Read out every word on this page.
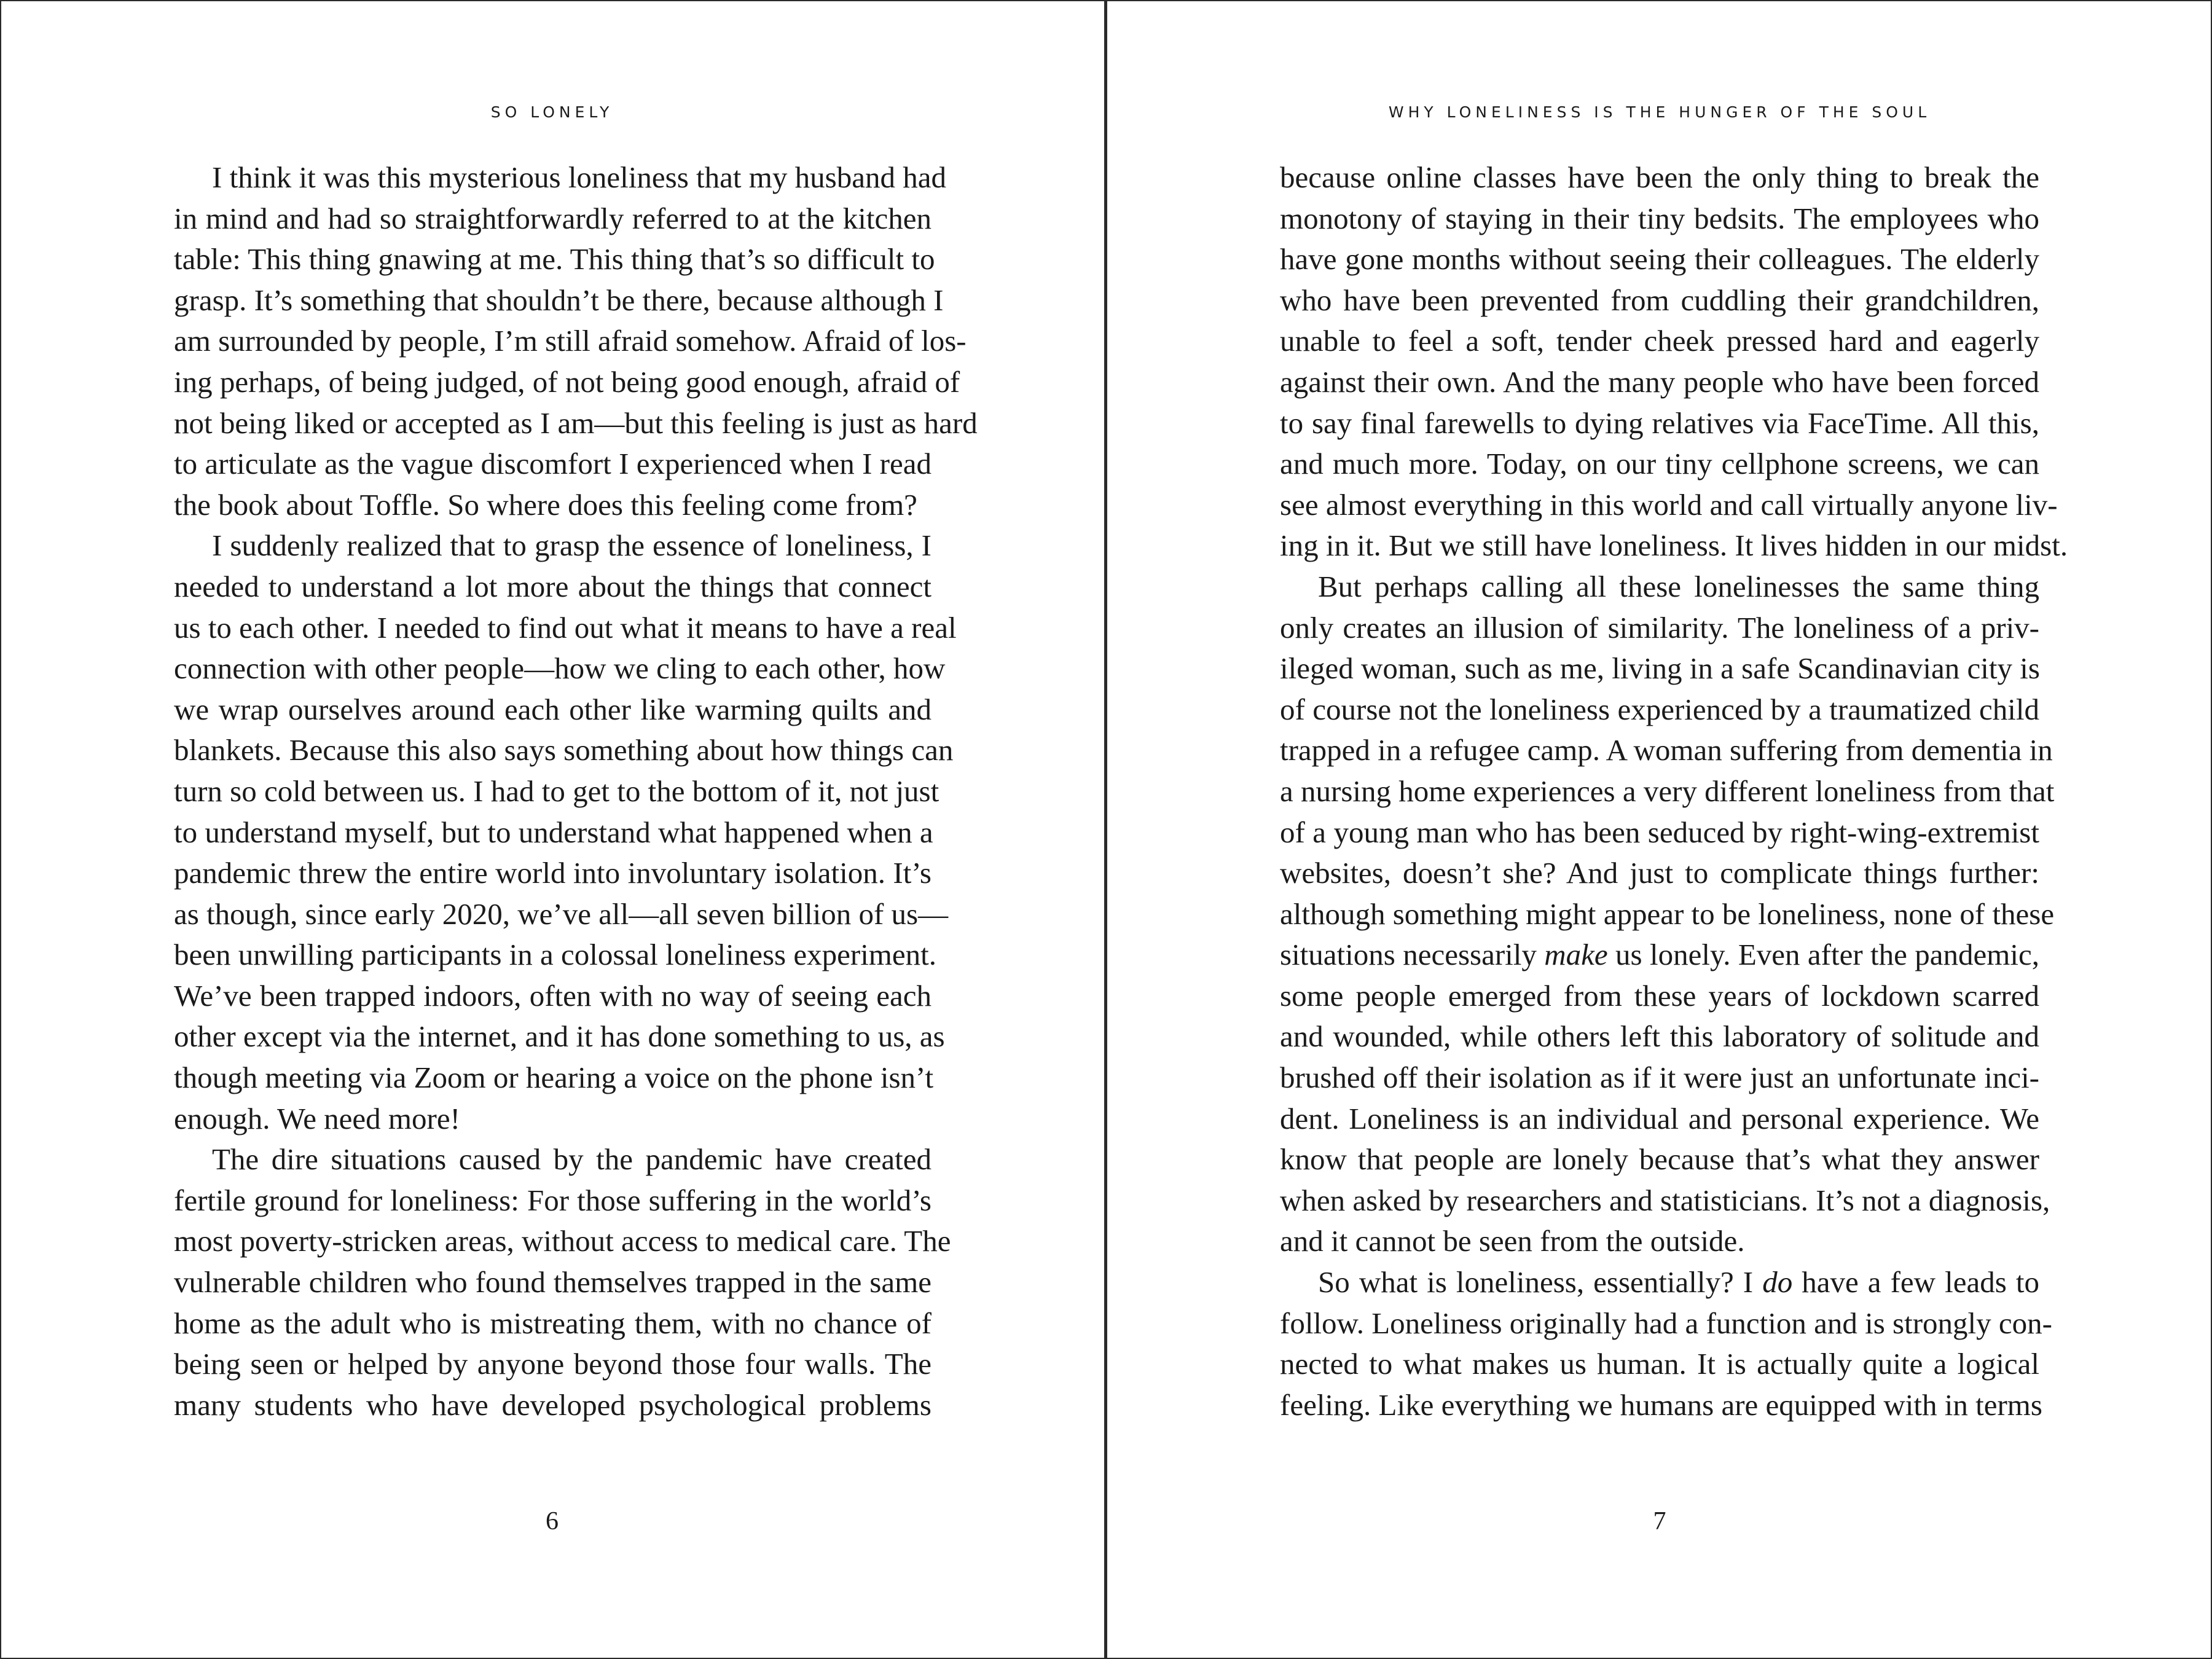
SO LONELY

I think it was this mysterious loneliness that my husband had
in mind and had so straightforwardly referred to at the kitchen
table: This thing gnawing at me. This thing that’s so difficult to
grasp. It’s something that shouldn’t be there, because although I
am surrounded by people, I’m still afraid somehow. Afraid of los-
ing perhaps, of being judged, of not being good enough, afraid of
not being liked or accepted as I am—but this feeling is just as hard
to articulate as the vague discomfort I experienced when I read
the book about Toffle. So where does this feeling come from?

I suddenly realized that to grasp the essence of loneliness, I
needed to understand a lot more about the things that connect
us to each other. I needed to find out what it means to have a real
connection with other people—how we cling to each other, how
we wrap ourselves around each other like warming quilts and
blankets. Because this also says something about how things can
turn so cold between us. I had to get to the bottom of it, not just
to understand myself, but to understand what happened when a
pandemic threw the entire world into involuntary isolation. It’s
as though, since early 2020, we’ve all—all seven billion of us—
been unwilling participants in a colossal loneliness experiment.
We’ve been trapped indoors, often with no way of seeing each
other except via the internet, and it has done something to us, as
though meeting via Zoom or hearing a voice on the phone isn’t
enough. We need more!

The dire situations caused by the pandemic have created
fertile ground for loneliness: For those suffering in the world’s
most poverty-stricken areas, without access to medical care. The
vulnerable children who found themselves trapped in the same
home as the adult who is mistreating them, with no chance of
being seen or helped by anyone beyond those four walls. The
many students who have developed psychological problems

6
WHY LONELINESS IS THE HUNGER OF THE SOUL

because online classes have been the only thing to break the
monotony of staying in their tiny bedsits. The employees who
have gone months without seeing their colleagues. The elderly
who have been prevented from cuddling their grandchildren,
unable to feel a soft, tender cheek pressed hard and eagerly
against their own. And the many people who have been forced
to say final farewells to dying relatives via FaceTime. All this,
and much more. Today, on our tiny cellphone screens, we can
see almost everything in this world and call virtually anyone liv-
ing in it. But we still have loneliness. It lives hidden in our midst.

But perhaps calling all these lonelinesses the same thing
only creates an illusion of similarity. The loneliness of a priv-
ileged woman, such as me, living in a safe Scandinavian city is
of course not the loneliness experienced by a traumatized child
trapped in a refugee camp. A woman suffering from dementia in
a nursing home experiences a very different loneliness from that
of a young man who has been seduced by right-wing-extremist
websites, doesn’t she? And just to complicate things further:
although something might appear to be loneliness, none of these
situations necessarily make us lonely. Even after the pandemic,
some people emerged from these years of lockdown scarred
and wounded, while others left this laboratory of solitude and
brushed off their isolation as if it were just an unfortunate inci-
dent. Loneliness is an individual and personal experience. We
know that people are lonely because that’s what they answer
when asked by researchers and statisticians. It’s not a diagnosis,
and it cannot be seen from the outside.

So what is loneliness, essentially? I do have a few leads to
follow. Loneliness originally had a function and is strongly con-
nected to what makes us human. It is actually quite a logical
feeling. Like everything we humans are equipped with in terms

7
